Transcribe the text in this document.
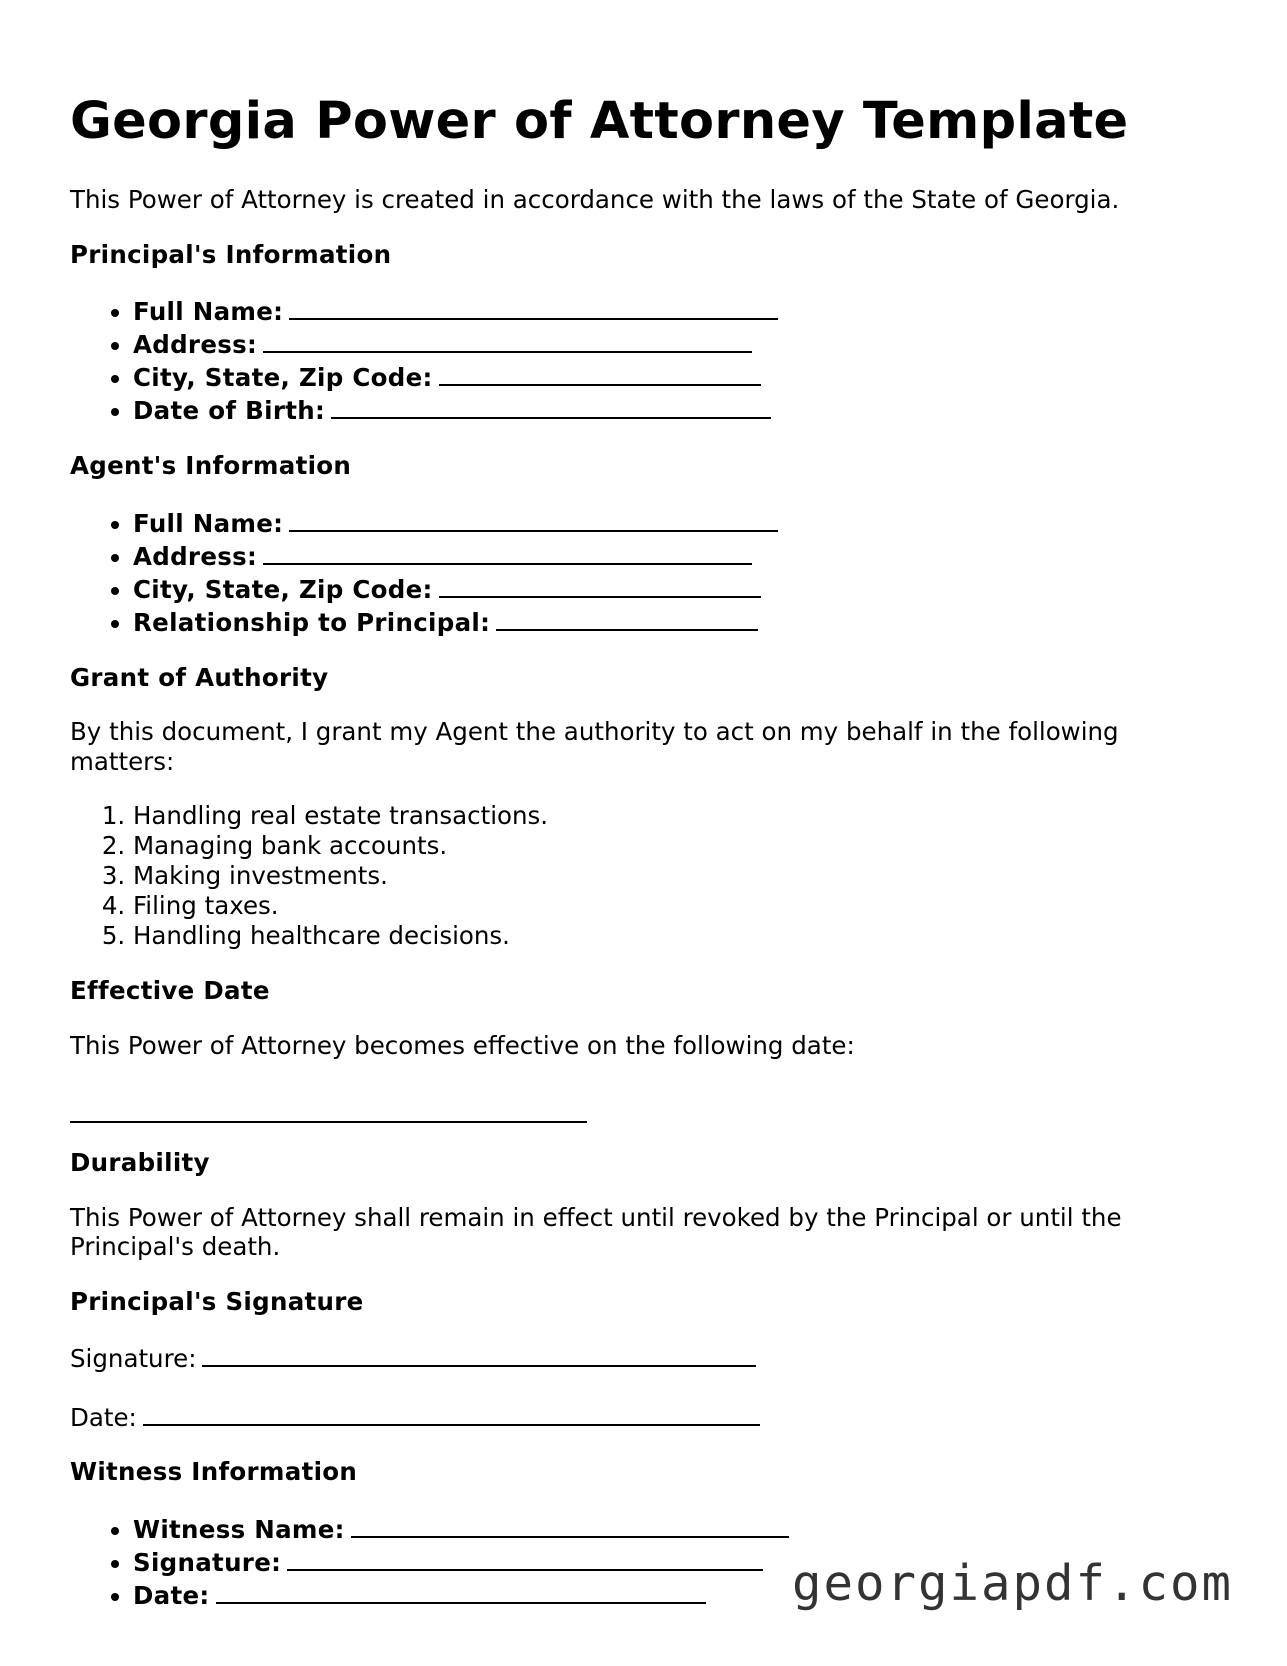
Georgia Power of Attorney Template

This Power of Attorney is created in accordance with the laws of the State of Georgia.

Principal's Information
• Full Name:
• Address:
• City, State, Zip Code:
• Date of Birth:
Agent's Information
• Full Name:
• Address:
• City, State, Zip Code:
• Relationship to Principal:
Grant of Authority

By this document, I grant my Agent the authority to act on my behalf in the following matters:

1. Handling real estate transactions.
2. Managing bank accounts.
3. Making investments.
4. Filing taxes.
5. Handling healthcare decisions.
Effective Date

This Power of Attorney becomes effective on the following date:

Durability

This Power of Attorney shall remain in effect until revoked by the Principal or until the Principal's death.

Principal's Signature

Signature:

Date:

Witness Information
• Witness Name:
• Signature:
• Date:	georgiapdf.com
